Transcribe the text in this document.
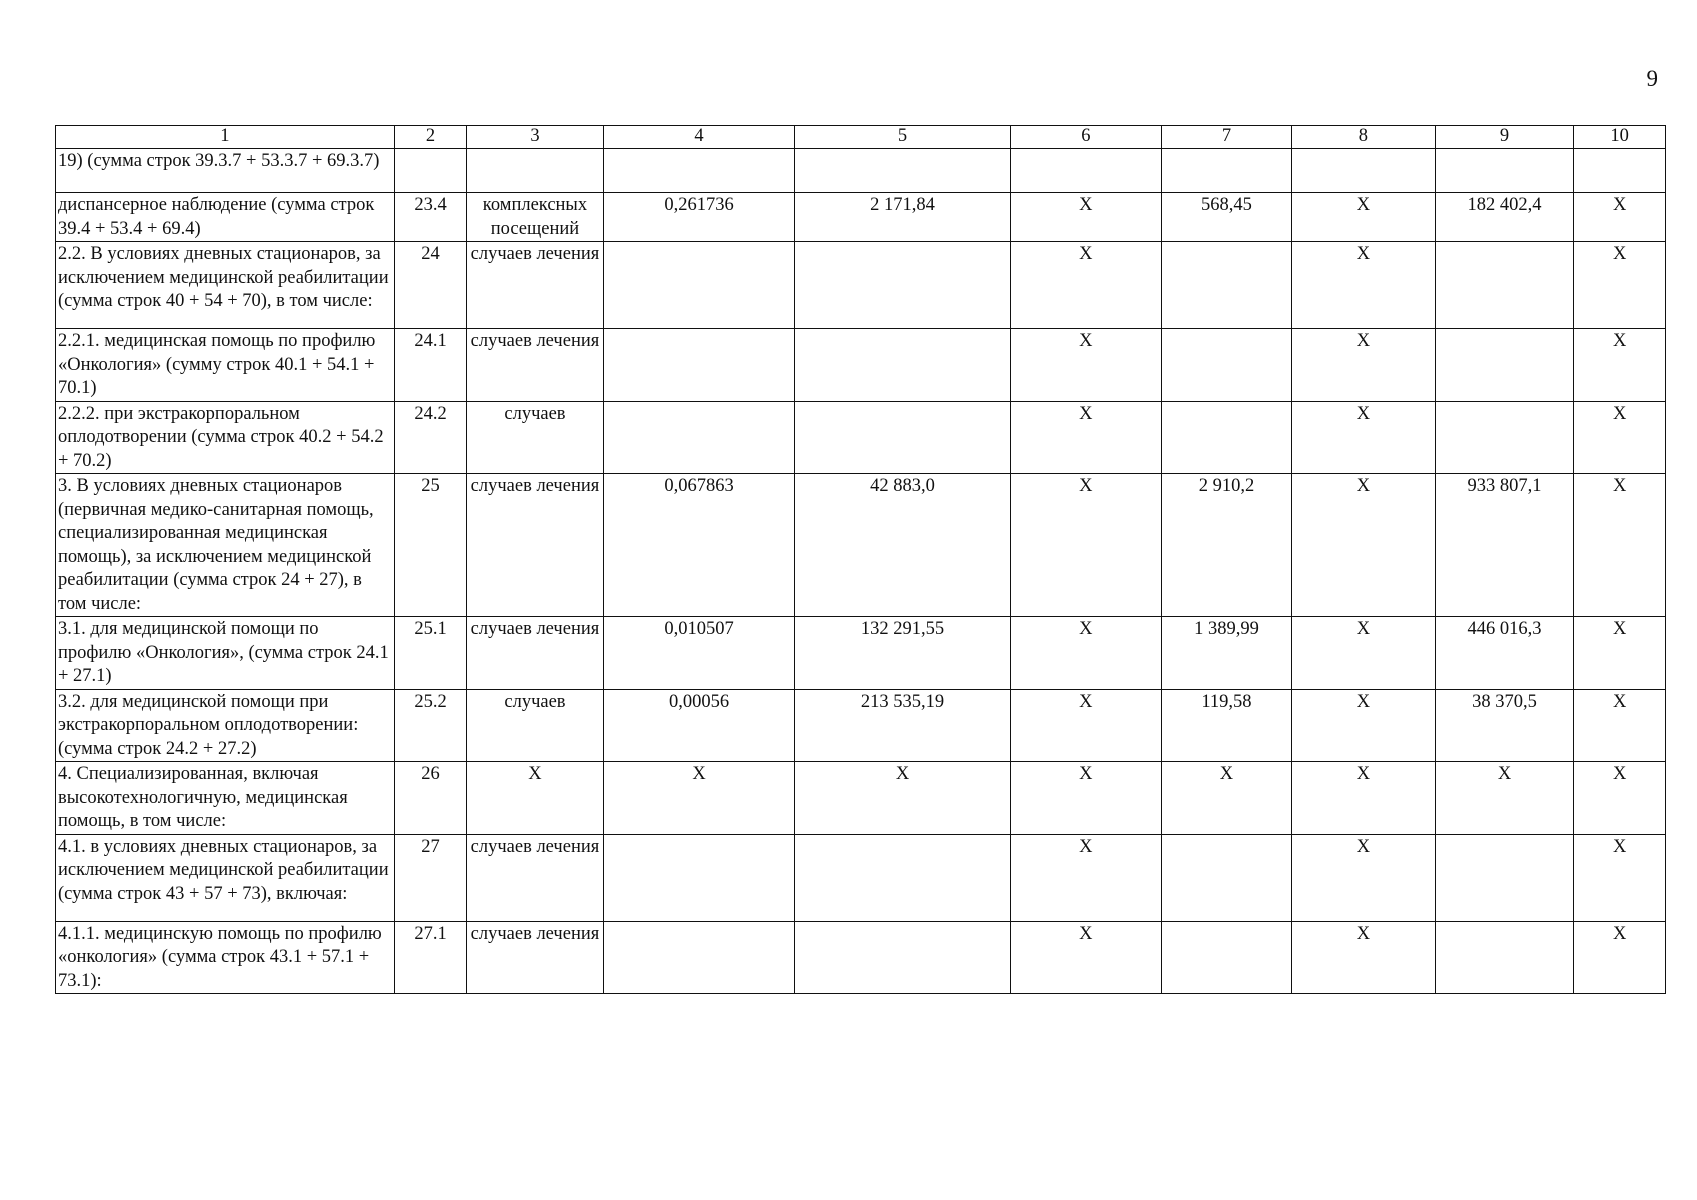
9
1	2	3	4	5	6	7	8	9	10
19) (сумма строк 39.3.7 + 53.3.7 + 69.3.7)									
диспансерное наблюдение (сумма строк 39.4 + 53.4 + 69.4)	23.4	комплексных посещений	0,261736	2 171,84	X	568,45	X	182 402,4	X
2.2. В условиях дневных стационаров, за исключением медицинской реабилитации (сумма строк 40 + 54 + 70), в том числе:	24	случаев лечения			X		X		X
2.2.1. медицинская помощь по профилю «Онкология» (сумму строк 40.1 + 54.1 + 70.1)	24.1	случаев лечения			X		X		X
2.2.2. при экстракорпоральном оплодотворении (сумма строк 40.2 + 54.2 + 70.2)	24.2	случаев			X		X		X
3. В условиях дневных стационаров (первичная медико-санитарная помощь, специализированная медицинская помощь), за исключением медицинской реабилитации (сумма строк 24 + 27), в том числе:	25	случаев лечения	0,067863	42 883,0	X	2 910,2	X	933 807,1	X
3.1. для медицинской помощи по профилю «Онкология», (сумма строк 24.1 + 27.1)	25.1	случаев лечения	0,010507	132 291,55	X	1 389,99	X	446 016,3	X
3.2. для медицинской помощи при экстракорпоральном оплодотворении: (сумма строк 24.2 + 27.2)	25.2	случаев	0,00056	213 535,19	X	119,58	X	38 370,5	X
4. Специализированная, включая высокотехнологичную, медицинская помощь, в том числе:	26	X	X	X	X	X	X	X	X
4.1. в условиях дневных стационаров, за исключением медицинской реабилитации (сумма строк 43 + 57 + 73), включая:	27	случаев лечения			X		X		X
4.1.1. медицинскую помощь по профилю «онкология» (сумма строк 43.1 + 57.1 + 73.1):	27.1	случаев лечения			X		X		X
